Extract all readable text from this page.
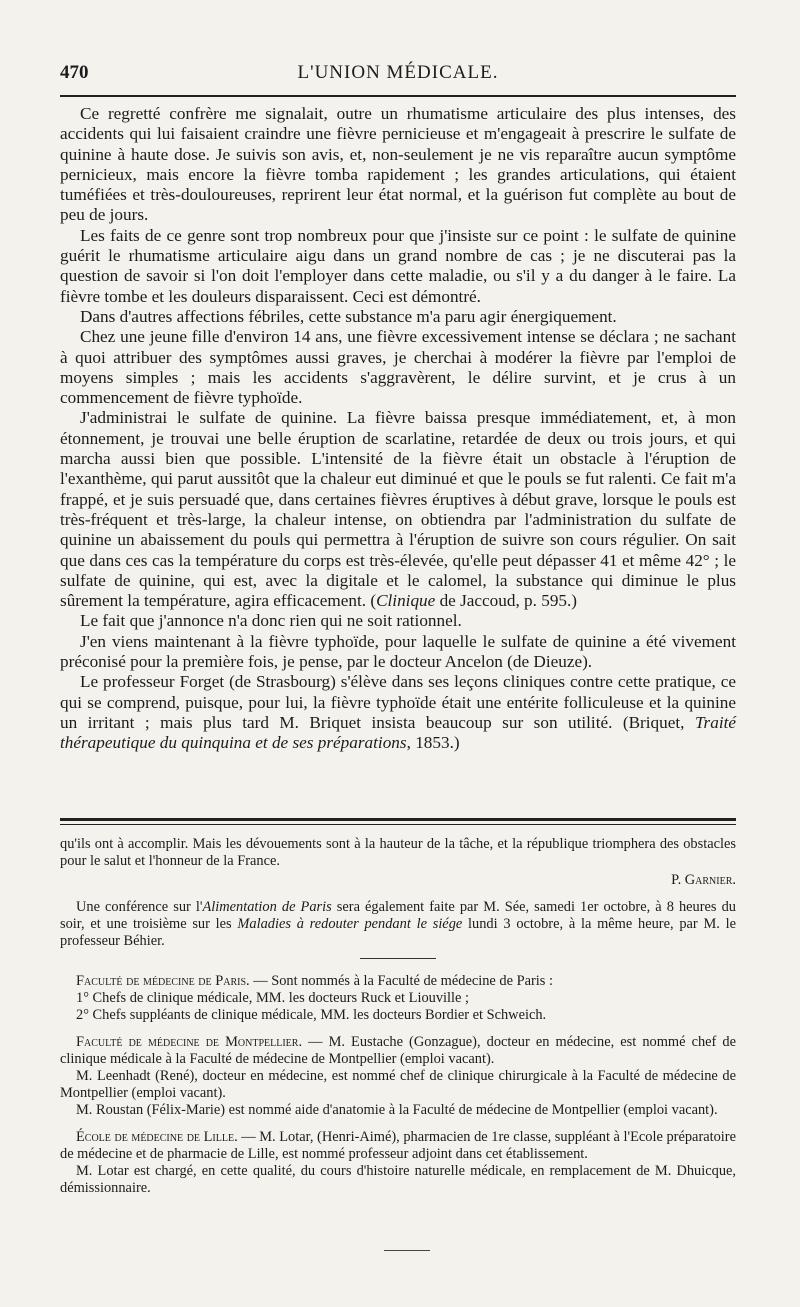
470	L'UNION MÉDICALE.

Ce regretté confrère me signalait, outre un rhumatisme articulaire des plus intenses, des accidents qui lui faisaient craindre une fièvre pernicieuse et m'engageait à prescrire le sulfate de quinine à haute dose. Je suivis son avis, et, non-seulement je ne vis reparaître aucun symptôme pernicieux, mais encore la fièvre tomba rapidement ; les grandes articulations, qui étaient tuméfiées et très-douloureuses, reprirent leur état normal, et la guérison fut complète au bout de peu de jours.

Les faits de ce genre sont trop nombreux pour que j'insiste sur ce point : le sulfate de quinine guérit le rhumatisme articulaire aigu dans un grand nombre de cas ; je ne discuterai pas la question de savoir si l'on doit l'employer dans cette maladie, ou s'il y a du danger à le faire. La fièvre tombe et les douleurs disparaissent. Ceci est démontré.

Dans d'autres affections fébriles, cette substance m'a paru agir énergiquement.

Chez une jeune fille d'environ 14 ans, une fièvre excessivement intense se déclara ; ne sachant à quoi attribuer des symptômes aussi graves, je cherchai à modérer la fièvre par l'emploi de moyens simples ; mais les accidents s'aggravèrent, le délire survint, et je crus à un commencement de fièvre typhoïde.

J'administrai le sulfate de quinine. La fièvre baissa presque immédiatement, et, à mon étonnement, je trouvai une belle éruption de scarlatine, retardée de deux ou trois jours, et qui marcha aussi bien que possible. L'intensité de la fièvre était un obstacle à l'éruption de l'exanthème, qui parut aussitôt que la chaleur eut diminué et que le pouls se fut ralenti. Ce fait m'a frappé, et je suis persuadé que, dans certaines fièvres éruptives à début grave, lorsque le pouls est très-fréquent et très-large, la chaleur intense, on obtiendra par l'administration du sulfate de quinine un abaissement du pouls qui permettra à l'éruption de suivre son cours régulier. On sait que dans ces cas la température du corps est très-élevée, qu'elle peut dépasser 41 et même 42° ; le sulfate de quinine, qui est, avec la digitale et le calomel, la substance qui diminue le plus sûrement la température, agira efficacement. (Clinique de Jaccoud, p. 595.)

Le fait que j'annonce n'a donc rien qui ne soit rationnel.

J'en viens maintenant à la fièvre typhoïde, pour laquelle le sulfate de quinine a été vivement préconisé pour la première fois, je pense, par le docteur Ancelon (de Dieuze).

Le professeur Forget (de Strasbourg) s'élève dans ses leçons cliniques contre cette pratique, ce qui se comprend, puisque, pour lui, la fièvre typhoïde était une entérite folliculeuse et la quinine un irritant ; mais plus tard M. Briquet insista beaucoup sur son utilité. (Briquet, Traité thérapeutique du quinquina et de ses préparations, 1853.)

qu'ils ont à accomplir. Mais les dévouements sont à la hauteur de la tâche, et la république triomphera des obstacles pour le salut et l'honneur de la France.

P. Garnier.

Une conférence sur l'Alimentation de Paris sera également faite par M. Sée, samedi 1er octobre, à 8 heures du soir, et une troisième sur les Maladies à redouter pendant le siége lundi 3 octobre, à la même heure, par M. le professeur Béhier.

Faculté de médecine de Paris. — Sont nommés à la Faculté de médecine de Paris :

1° Chefs de clinique médicale, MM. les docteurs Ruck et Liouville ;

2° Chefs suppléants de clinique médicale, MM. les docteurs Bordier et Schweich.

Faculté de médecine de Montpellier. — M. Eustache (Gonzague), docteur en médecine, est nommé chef de clinique médicale à la Faculté de médecine de Montpellier (emploi vacant).

M. Leenhadt (René), docteur en médecine, est nommé chef de clinique chirurgicale à la Faculté de médecine de Montpellier (emploi vacant).

M. Roustan (Félix-Marie) est nommé aide d'anatomie à la Faculté de médecine de Montpellier (emploi vacant).

École de médecine de Lille. — M. Lotar, (Henri-Aimé), pharmacien de 1re classe, suppléant à l'Ecole préparatoire de médecine et de pharmacie de Lille, est nommé professeur adjoint dans cet établissement.

M. Lotar est chargé, en cette qualité, du cours d'histoire naturelle médicale, en remplacement de M. Dhuicque, démissionnaire.
